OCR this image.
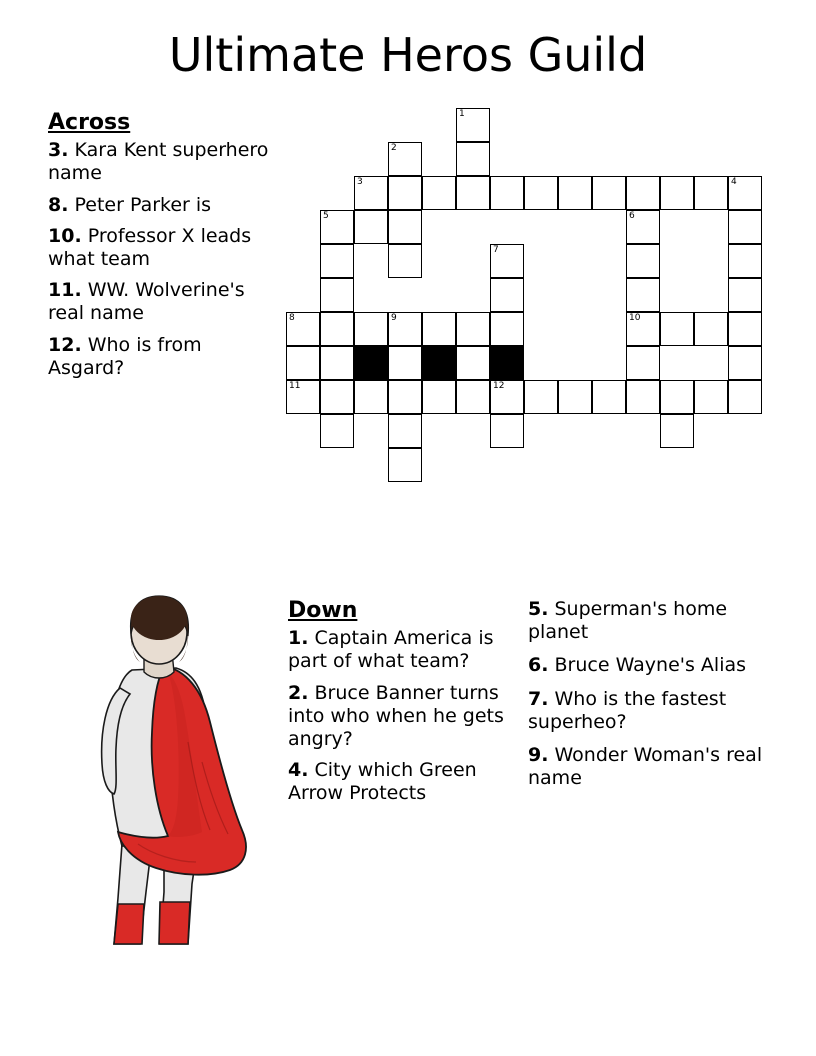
Ultimate Heros Guild
Across
3. Kara Kent superhero name
8. Peter Parker is
10. Professor X leads what team
11. WW. Wolverine's real name
12. Who is from Asgard?
1
2
3	4
5	6
7
8	9	10
11	12
Down
1. Captain America is part of what team?
2. Bruce Banner turns into who when he gets angry?
4. City which Green Arrow Protects
5. Superman's home planet
6. Bruce Wayne's Alias
7. Who is the fastest superheo?
9. Wonder Woman's real name
